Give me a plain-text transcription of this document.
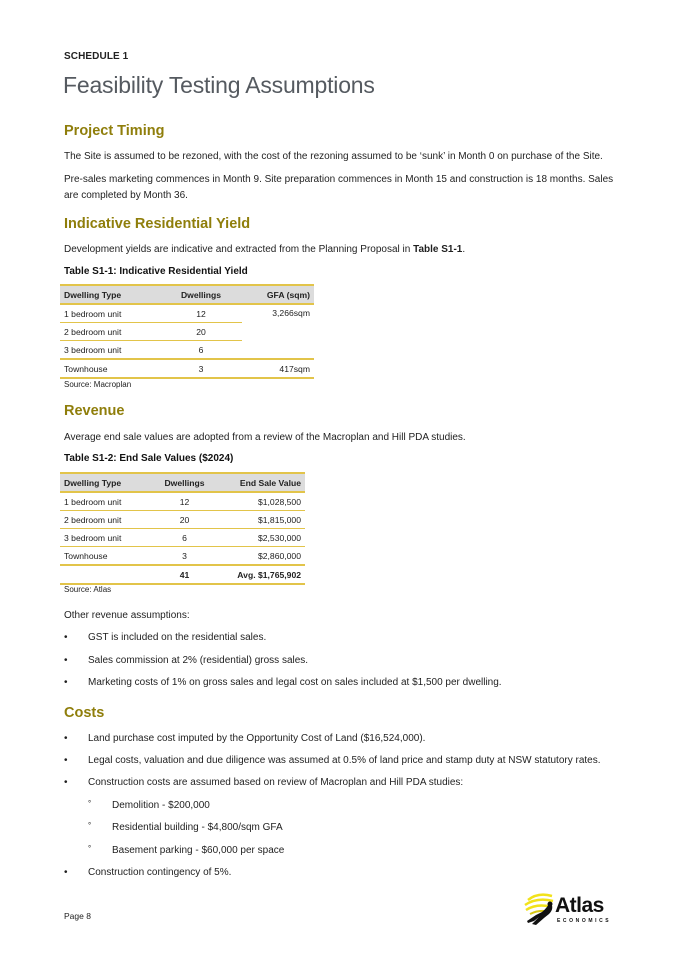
SCHEDULE 1
Feasibility Testing Assumptions
Project Timing
The Site is assumed to be rezoned, with the cost of the rezoning assumed to be ‘sunk’ in Month 0 on purchase of the Site.
Pre-sales marketing commences in Month 9. Site preparation commences in Month 15 and construction is 18 months. Sales are completed by Month 36.
Indicative Residential Yield
Development yields are indicative and extracted from the Planning Proposal in Table S1-1.
Table S1-1: Indicative Residential Yield
Dwelling Type	Dwellings	GFA (sqm)
1 bedroom unit	12	3,266sqm
2 bedroom unit	20	
3 bedroom unit	6	
Townhouse	3	417sqm
Source: Macroplan
Revenue
Average end sale values are adopted from a review of the Macroplan and Hill PDA studies.
Table S1-2: End Sale Values ($2024)
Dwelling Type	Dwellings	End Sale Value
1 bedroom unit	12	$1,028,500
2 bedroom unit	20	$1,815,000
3 bedroom unit	6	$2,530,000
Townhouse	3	$2,860,000
	41	Avg. $1,765,902
Source: Atlas
Other revenue assumptions:
• GST is included on the residential sales.
• Sales commission at 2% (residential) gross sales.
• Marketing costs of 1% on gross sales and legal cost on sales included at $1,500 per dwelling.
Costs
• Land purchase cost imputed by the Opportunity Cost of Land ($16,524,000).
• Legal costs, valuation and due diligence was assumed at 0.5% of land price and stamp duty at NSW statutory rates.
• Construction costs are assumed based on review of Macroplan and Hill PDA studies:
° Demolition - $200,000
° Residential building - $4,800/sqm GFA
° Basement parking - $60,000 per space
• Construction contingency of 5%.
Page 8	Atlas
ECONOMICS
